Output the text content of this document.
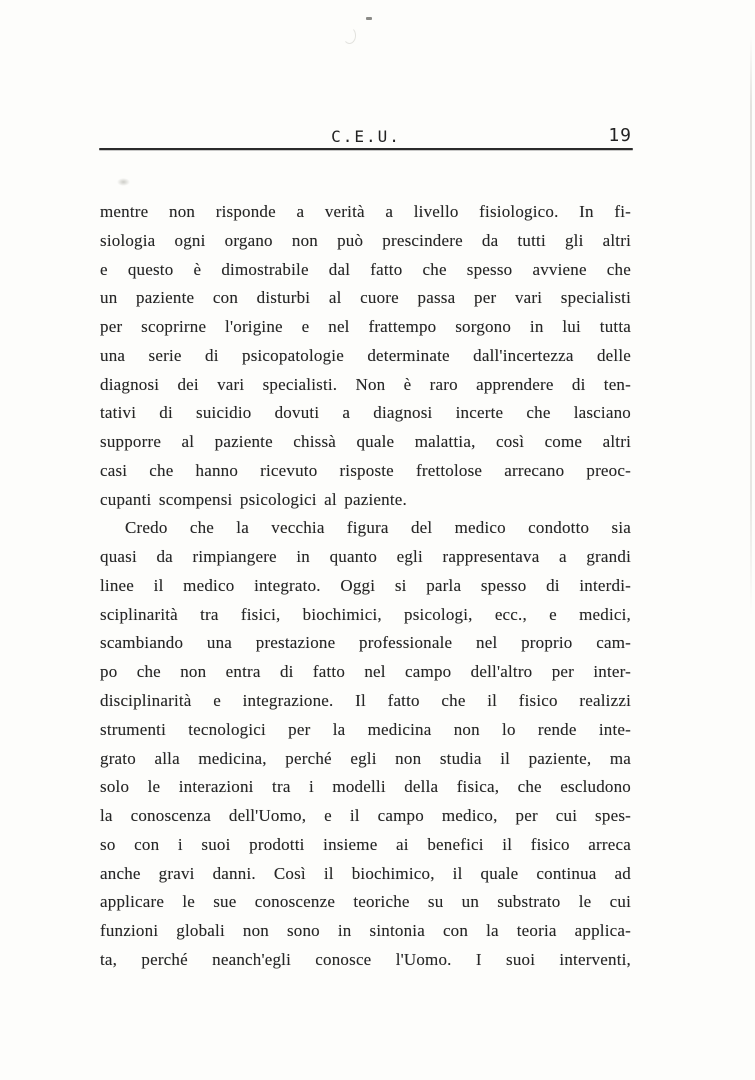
C.E.U.	19
mentre non risponde a verità a livello fisiologico. In fi-
siologia ogni organo non può prescindere da tutti gli altri
e questo è dimostrabile dal fatto che spesso avviene che
un paziente con disturbi al cuore passa per vari specialisti
per scoprirne l'origine e nel frattempo sorgono in lui tutta
una serie di psicopatologie determinate dall'incertezza delle
diagnosi dei vari specialisti. Non è raro apprendere di ten-
tativi di suicidio dovuti a diagnosi incerte che lasciano
supporre al paziente chissà quale malattia, così come altri
casi che hanno ricevuto risposte frettolose arrecano preoc-
cupanti scompensi psicologici al paziente.
Credo che la vecchia figura del medico condotto sia
quasi da rimpiangere in quanto egli rappresentava a grandi
linee il medico integrato. Oggi si parla spesso di interdi-
sciplinarità tra fisici, biochimici, psicologi, ecc., e medici,
scambiando una prestazione professionale nel proprio cam-
po che non entra di fatto nel campo dell'altro per inter-
disciplinarità e integrazione. Il fatto che il fisico realizzi
strumenti tecnologici per la medicina non lo rende inte-
grato alla medicina, perché egli non studia il paziente, ma
solo le interazioni tra i modelli della fisica, che escludono
la conoscenza dell'Uomo, e il campo medico, per cui spes-
so con i suoi prodotti insieme ai benefici il fisico arreca
anche gravi danni. Così il biochimico, il quale continua ad
applicare le sue conoscenze teoriche su un substrato le cui
funzioni globali non sono in sintonia con la teoria applica-
ta, perché neanch'egli conosce l'Uomo. I suoi interventi,
